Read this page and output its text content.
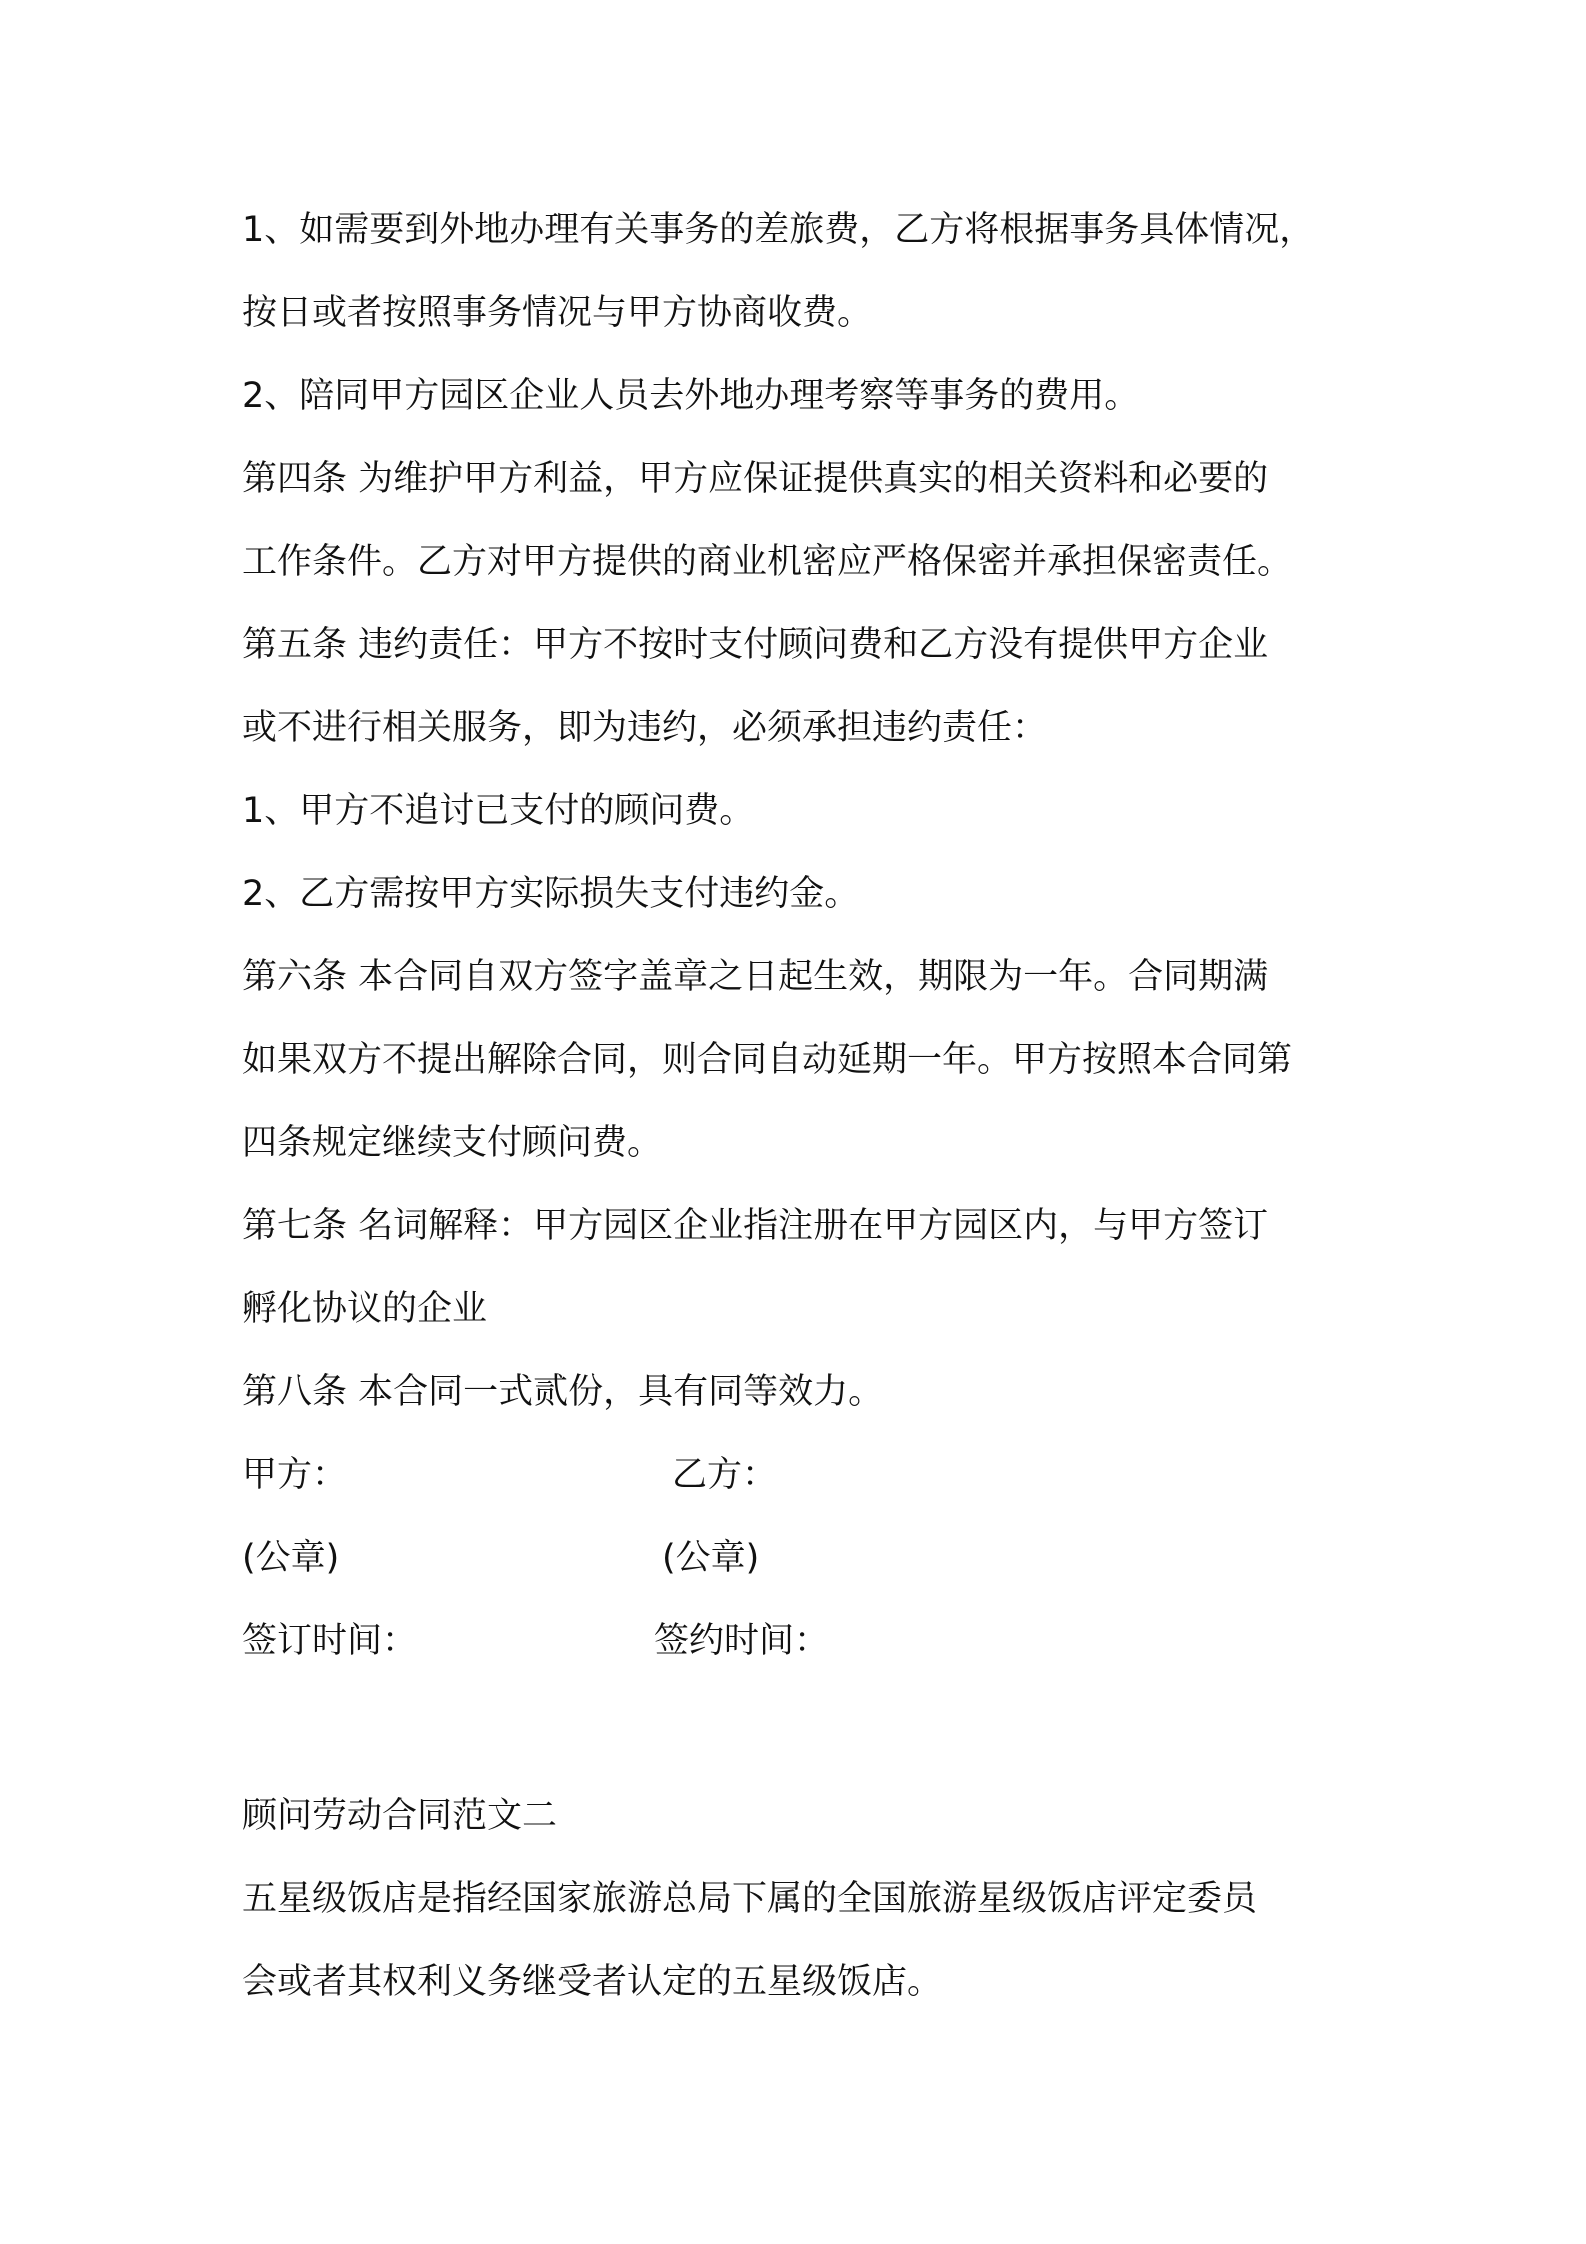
1、如需要到外地办理有关事务的差旅费，乙方将根据事务具体情况，
按日或者按照事务情况与甲方协商收费。
2、陪同甲方园区企业人员去外地办理考察等事务的费用。
第四条 为维护甲方利益，甲方应保证提供真实的相关资料和必要的
工作条件。乙方对甲方提供的商业机密应严格保密并承担保密责任。
第五条 违约责任：甲方不按时支付顾问费和乙方没有提供甲方企业
或不进行相关服务，即为违约，必须承担违约责任：
1、甲方不追讨已支付的顾问费。
2、乙方需按甲方实际损失支付违约金。
第六条 本合同自双方签字盖章之日起生效，期限为一年。合同期满
如果双方不提出解除合同，则合同自动延期一年。甲方按照本合同第
四条规定继续支付顾问费。
第七条 名词解释：甲方园区企业指注册在甲方园区内，与甲方签订
孵化协议的企业
第八条 本合同一式贰份，具有同等效力。
甲方：	乙方：
(公章)	(公章)
签订时间：	签约时间：
顾问劳动合同范文二
五星级饭店是指经国家旅游总局下属的全国旅游星级饭店评定委员
会或者其权利义务继受者认定的五星级饭店。
